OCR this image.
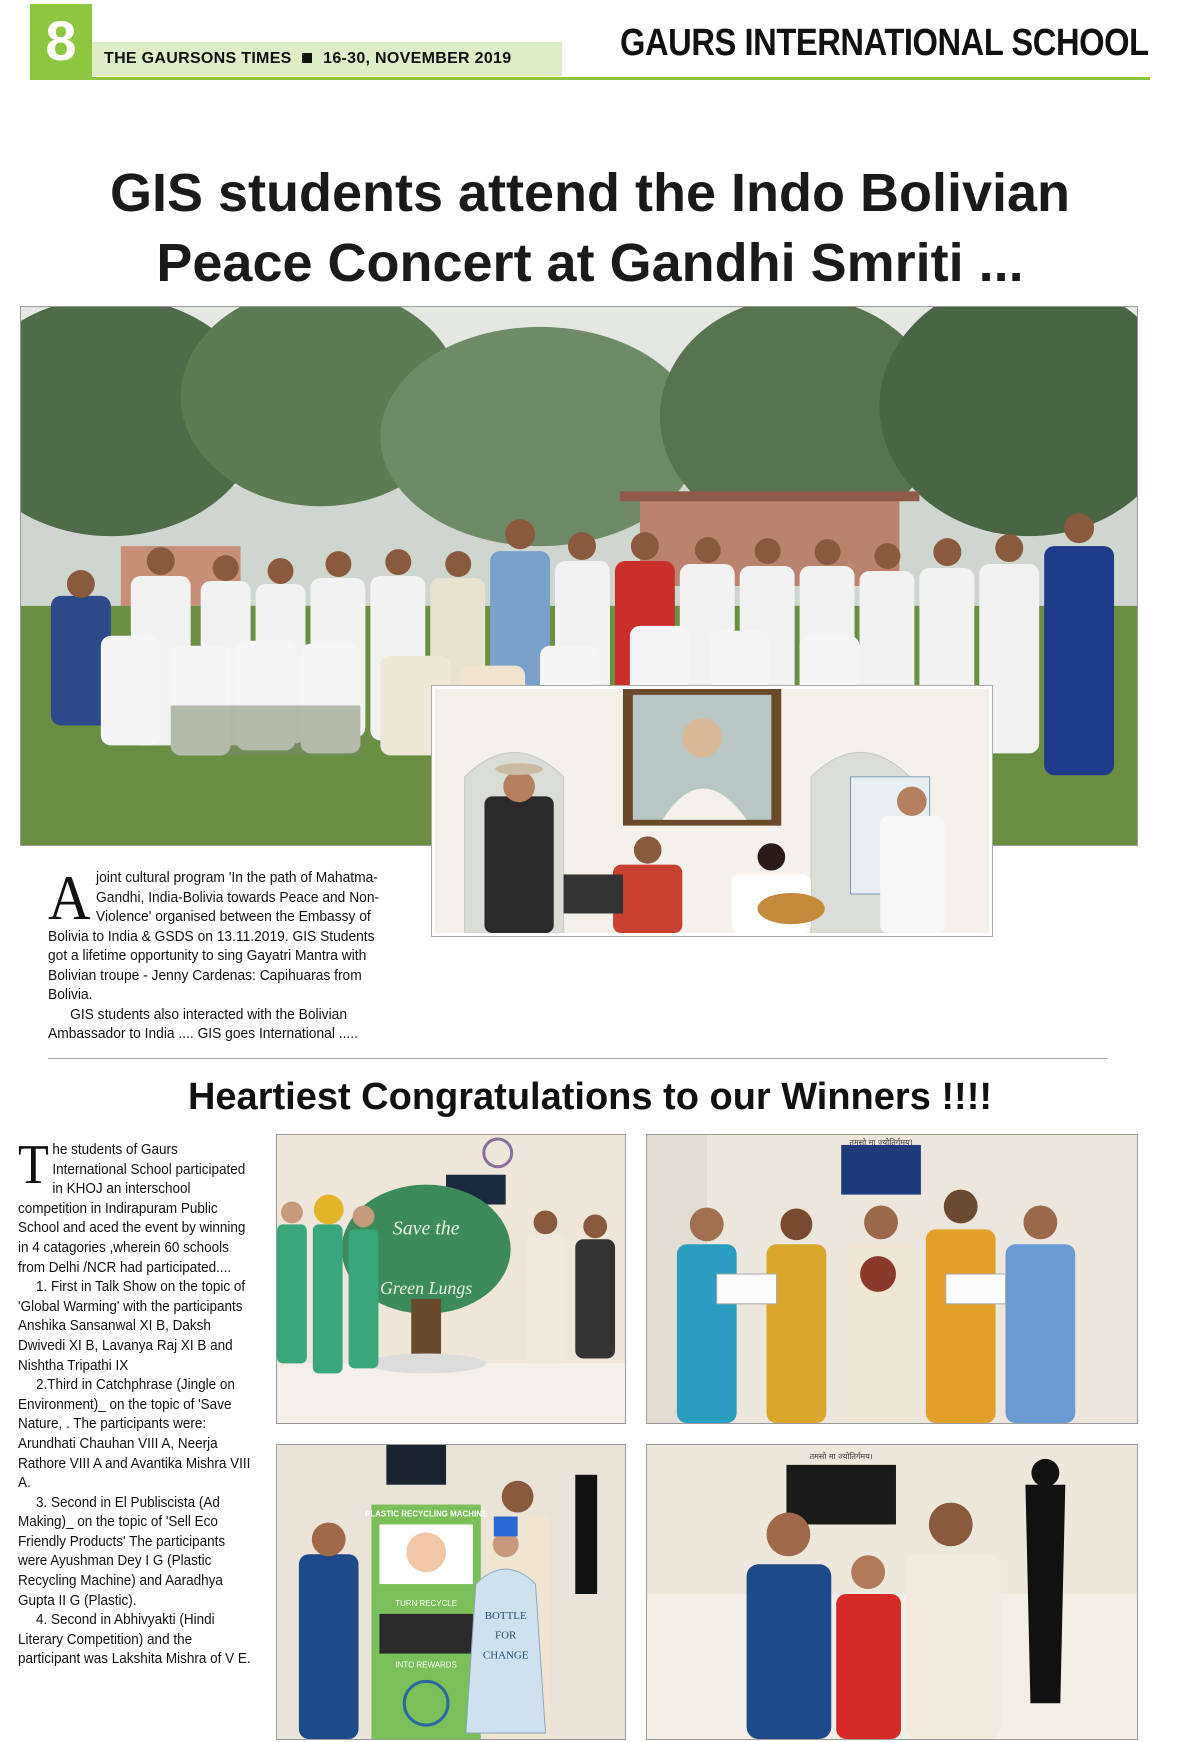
8	THE GAURSONS TIMES 16-30, NOVEMBER 2019	GAURS INTERNATIONAL SCHOOL
GIS students attend the Indo Bolivian
Peace Concert at Gandhi Smriti ...
A joint cultural program 'In the path of Mahatma-Gandhi, India-Bolivia towards Peace and Non-Violence' organised between the Embassy of Bolivia to India & GSDS on 13.11.2019. GIS Students got a lifetime opportunity to sing Gayatri Mantra with Bolivian troupe - Jenny Cardenas: Capihuaras from Bolivia.
GIS students also interacted with the Bolivian Ambassador to India .... GIS goes International .....
Heartiest Congratulations to our Winners !!!!

T he students of Gaurs International School participated in KHOJ an interschool competition in Indirapuram Public School and aced the event by winning in 4 catagories ,wherein 60 schools from Delhi /NCR had participated....

1. First in Talk Show on the topic of 'Global Warming' with the participants Anshika Sansanwal XI B, Daksh Dwivedi XI B, Lavanya Raj XI B and Nishtha Tripathi IX

2.Third in Catchphrase (Jingle on Environment)_ on the topic of 'Save Nature, . The participants were: Arundhati Chauhan VIII A, Neerja Rathore VIII A and Avantika Mishra VIII A.

3. Second in El Publiscista (Ad Making)_ on the topic of 'Sell Eco Friendly Products' The participants were Ayushman Dey I G (Plastic Recycling Machine) and Aaradhya Gupta II G (Plastic).

4. Second in Abhivyakti (Hindi Literary Competition) and the participant was Lakshita Mishra of V E.

Save the
Green Lungs
तमसो मा ज्योतिर्गमय।
PLASTIC RECYCLING MACHINE
TURN RECYCLE
INTO REWARDS
BOTTLE
FOR
CHANGE
तमसो मा ज्योतिर्गमय।
